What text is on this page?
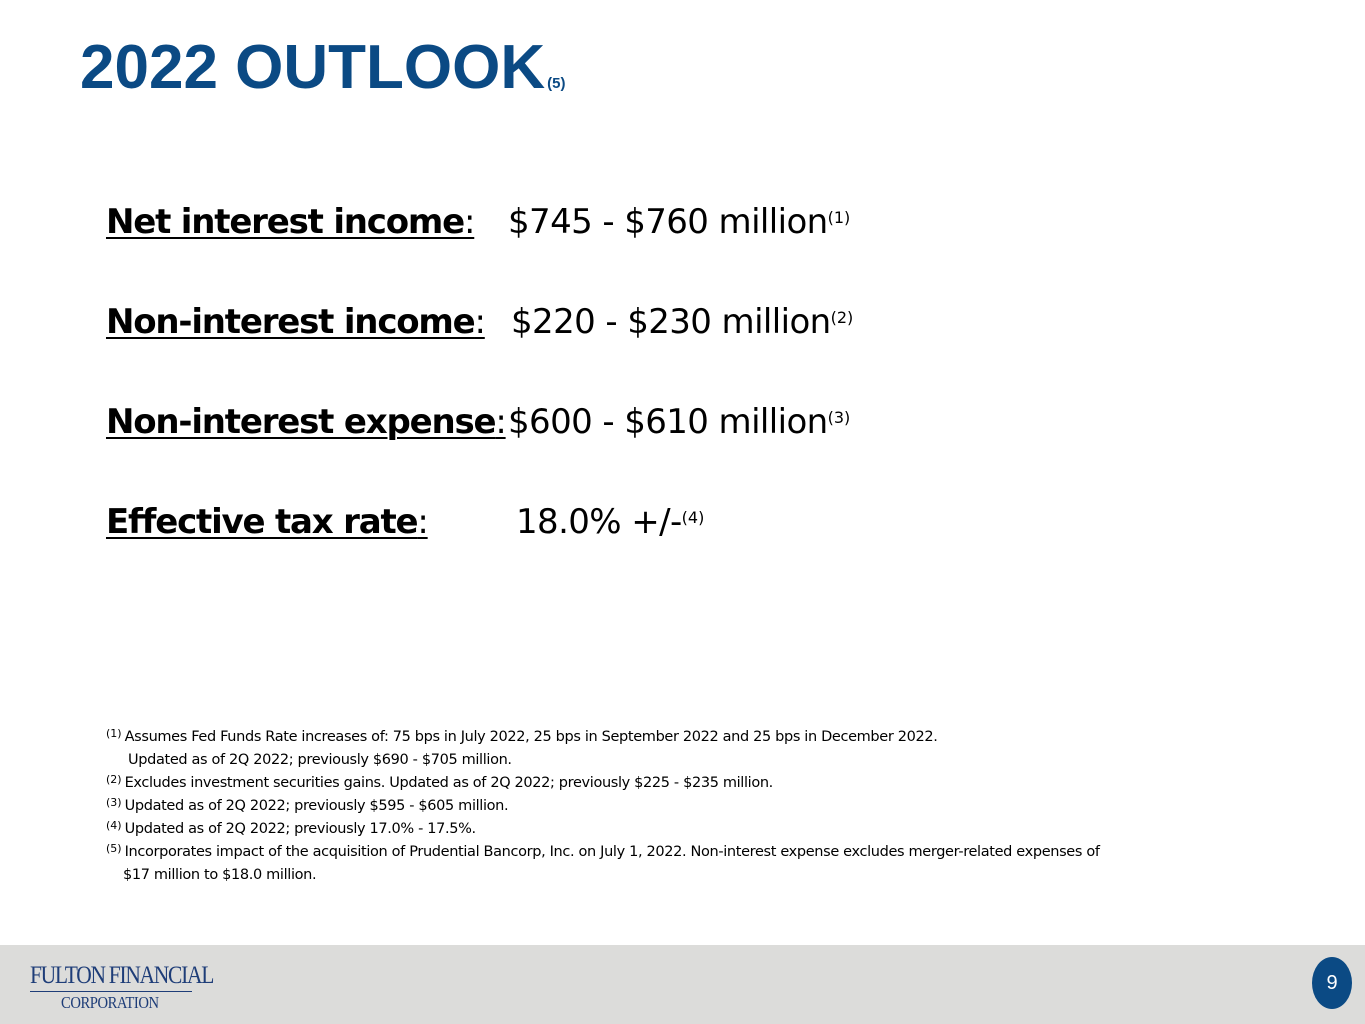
2022 OUTLOOK (5)
Net interest income: $745 - $760 million$^{(1)}$
Non-interest income: $220 - $230 million$^{(2)}$
Non-interest expense: $600 - $610 million$^{(3)}$
Effective tax rate:	18.0% +/-$^{(4)}$
$^{(1)}$ Assumes Fed Funds Rate increases of: 75 bps in July 2022, 25 bps in September 2022 and 25 bps in December 2022.
Updated as of 2Q 2022; previously $690 - $705 million.
$^{(2)}$ Excludes investment securities gains. Updated as of 2Q 2022; previously $225 - $235 million.
$^{(3)}$ Updated as of 2Q 2022; previously $595 - $605 million.
$^{(4)}$ Updated as of 2Q 2022; previously 17.0% - 17.5%.
$^{(5)}$ Incorporates impact of the acquisition of Prudential Bancorp, Inc. on July 1, 2022. Non-interest expense excludes merger-related expenses of
$17 million to $18.0 million.
FULTON FINANCIAL
CORPORATION
9
